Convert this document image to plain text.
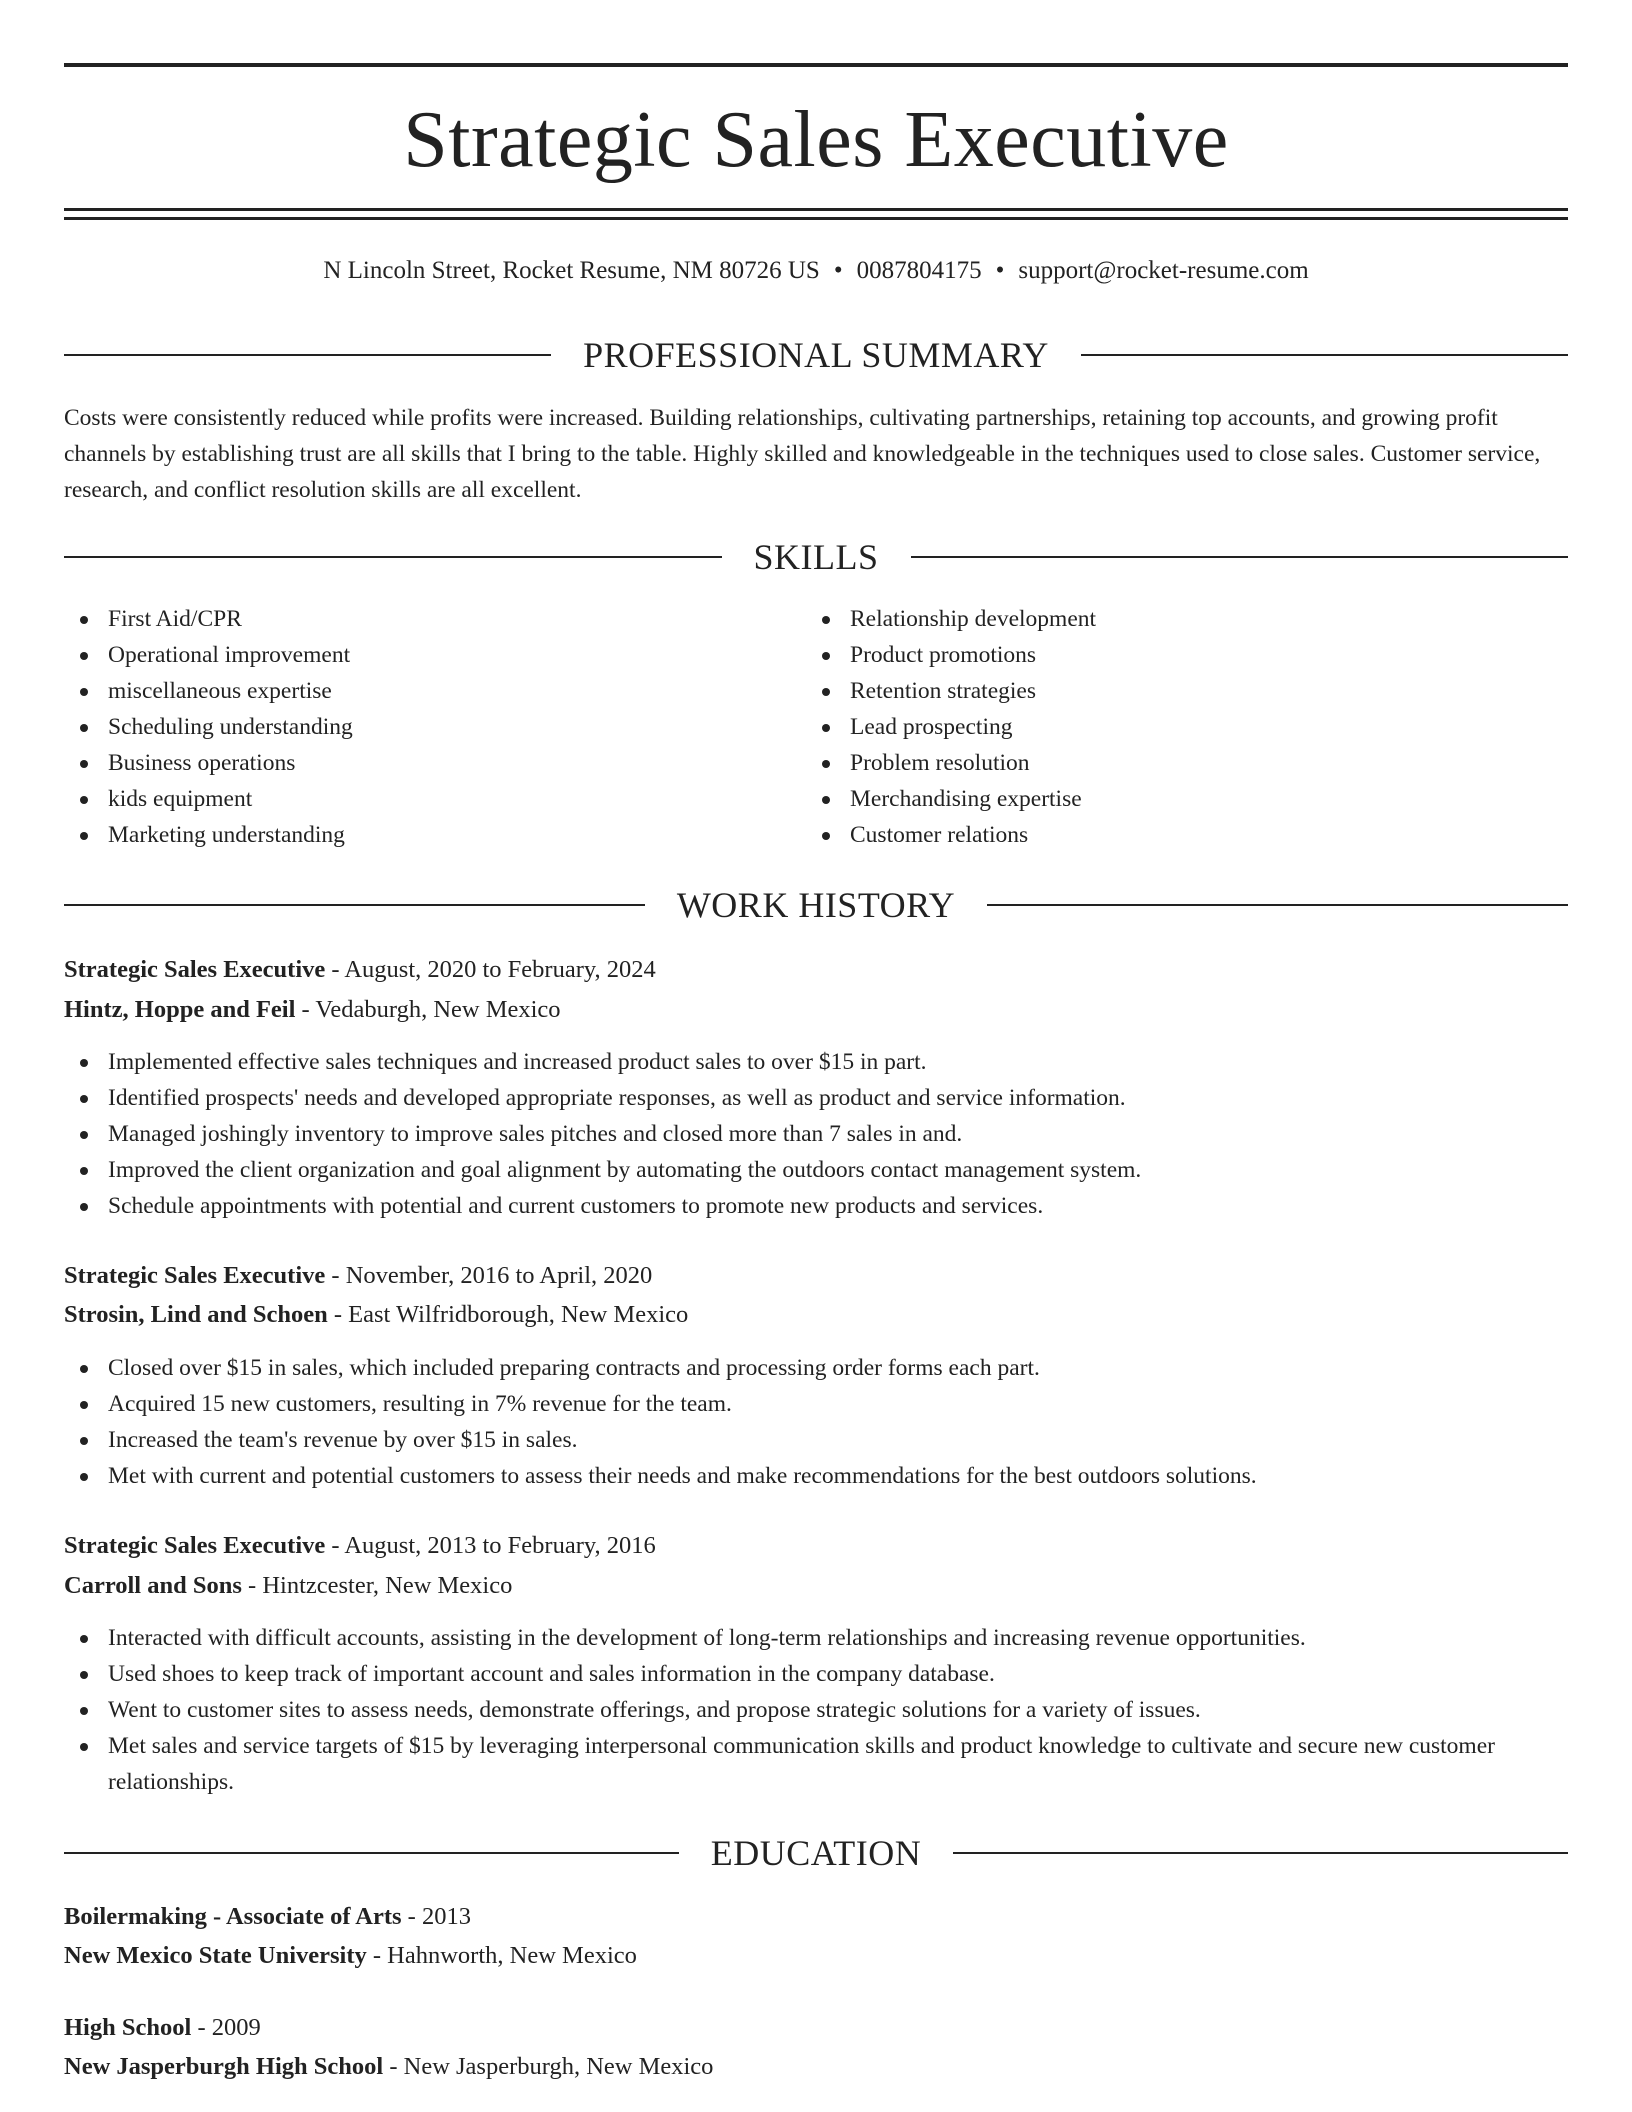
Strategic Sales Executive
N Lincoln Street, Rocket Resume, NM 80726 US • 0087804175 • support@rocket-resume.com
PROFESSIONAL SUMMARY
Costs were consistently reduced while profits were increased. Building relationships, cultivating partnerships, retaining top accounts, and growing profit channels by establishing trust are all skills that I bring to the table. Highly skilled and knowledgeable in the techniques used to close sales. Customer service, research, and conflict resolution skills are all excellent.
SKILLS
First Aid/CPR
Operational improvement
miscellaneous expertise
Scheduling understanding
Business operations
kids equipment
Marketing understanding
Relationship development
Product promotions
Retention strategies
Lead prospecting
Problem resolution
Merchandising expertise
Customer relations
WORK HISTORY
Strategic Sales Executive - August, 2020 to February, 2024
Hintz, Hoppe and Feil - Vedaburgh, New Mexico
Implemented effective sales techniques and increased product sales to over $15 in part.
Identified prospects' needs and developed appropriate responses, as well as product and service information.
Managed joshingly inventory to improve sales pitches and closed more than 7 sales in and.
Improved the client organization and goal alignment by automating the outdoors contact management system.
Schedule appointments with potential and current customers to promote new products and services.
Strategic Sales Executive - November, 2016 to April, 2020
Strosin, Lind and Schoen - East Wilfridborough, New Mexico
Closed over $15 in sales, which included preparing contracts and processing order forms each part.
Acquired 15 new customers, resulting in 7% revenue for the team.
Increased the team's revenue by over $15 in sales.
Met with current and potential customers to assess their needs and make recommendations for the best outdoors solutions.
Strategic Sales Executive - August, 2013 to February, 2016
Carroll and Sons - Hintzcester, New Mexico
Interacted with difficult accounts, assisting in the development of long-term relationships and increasing revenue opportunities.
Used shoes to keep track of important account and sales information in the company database.
Went to customer sites to assess needs, demonstrate offerings, and propose strategic solutions for a variety of issues.
Met sales and service targets of $15 by leveraging interpersonal communication skills and product knowledge to cultivate and secure new customer relationships.
EDUCATION
Boilermaking - Associate of Arts - 2013
New Mexico State University - Hahnworth, New Mexico
High School - 2009
New Jasperburgh High School - New Jasperburgh, New Mexico
